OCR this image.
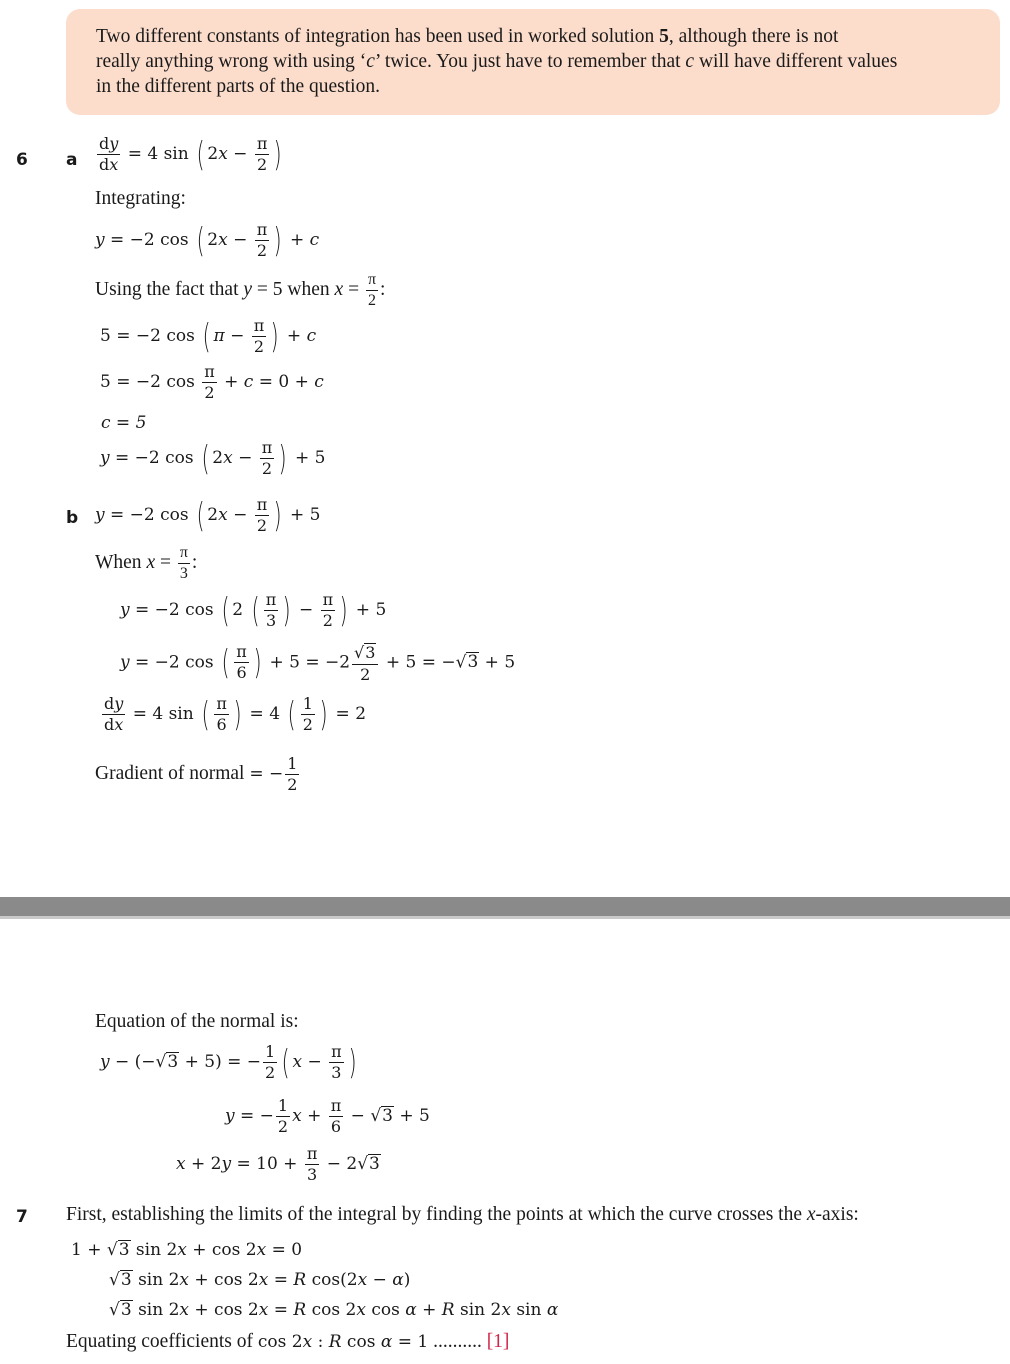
Two different constants of integration has been used in worked solution 5, although there is not
really anything wrong with using ‘c’ twice. You just have to remember that c will have different values
in the different parts of the question.
6 a $\frac{dy}{dx} = 4$ sin ( $2x - \frac{\pi}{2}$ )
Integrating:
y = −2 cos ( $2x - \frac{\pi}{2}$ ) + c
Using the fact that y = 5 when $x = \frac{\pi}{2}$ :
5 = −2 cos ( $\pi - \frac{\pi}{2}$ ) + c
5 = −2 $\cos \frac{\pi}{2} + c = 0 + c$
c = 5
y = −2 cos ( $2x - \frac{\pi}{2}$ ) + 5
b y = −2 cos ( $2x - \frac{\pi}{2}$ ) + 5
When $x = \frac{\pi}{3}$ :
y = −2 cos ( 2 ( $\frac{\pi}{3}$ ) − $\frac{\pi}{2}$ ) + 5
y = −2 cos ( $\frac{\pi}{6}$ ) + $5 = -2 \frac{√3}{2} + 5 = -√3 + 5$
$\frac{dy}{dx} = 4$ sin ( $\frac{\pi}{6}$ ) = 4 ( $\frac{1}{2}$ ) = 2
Gradient of normal = − $\frac{1}{2}$
Equation of the normal is:
y − (−√3 + 5) = − $\frac{1}{2}$ ( $x - \frac{\pi}{3}$ )
y = − $\frac{1}{2}$ $x + \frac{\pi}{6} - √3 + 5$
$x + 2y = 10 + \frac{\pi}{3} - 2√3$
7 First, establishing the limits of the integral by finding the points at which the curve crosses the x-axis:
1 + √3 sin 2x + cos 2x = 0
√3 sin 2x + cos 2x = R cos(2x − α)
√3 sin 2x + cos 2x = R cos 2x cos α + R sin 2x sin α
Equating coefficients of cos 2x : R cos α = 1 .......... [1]
